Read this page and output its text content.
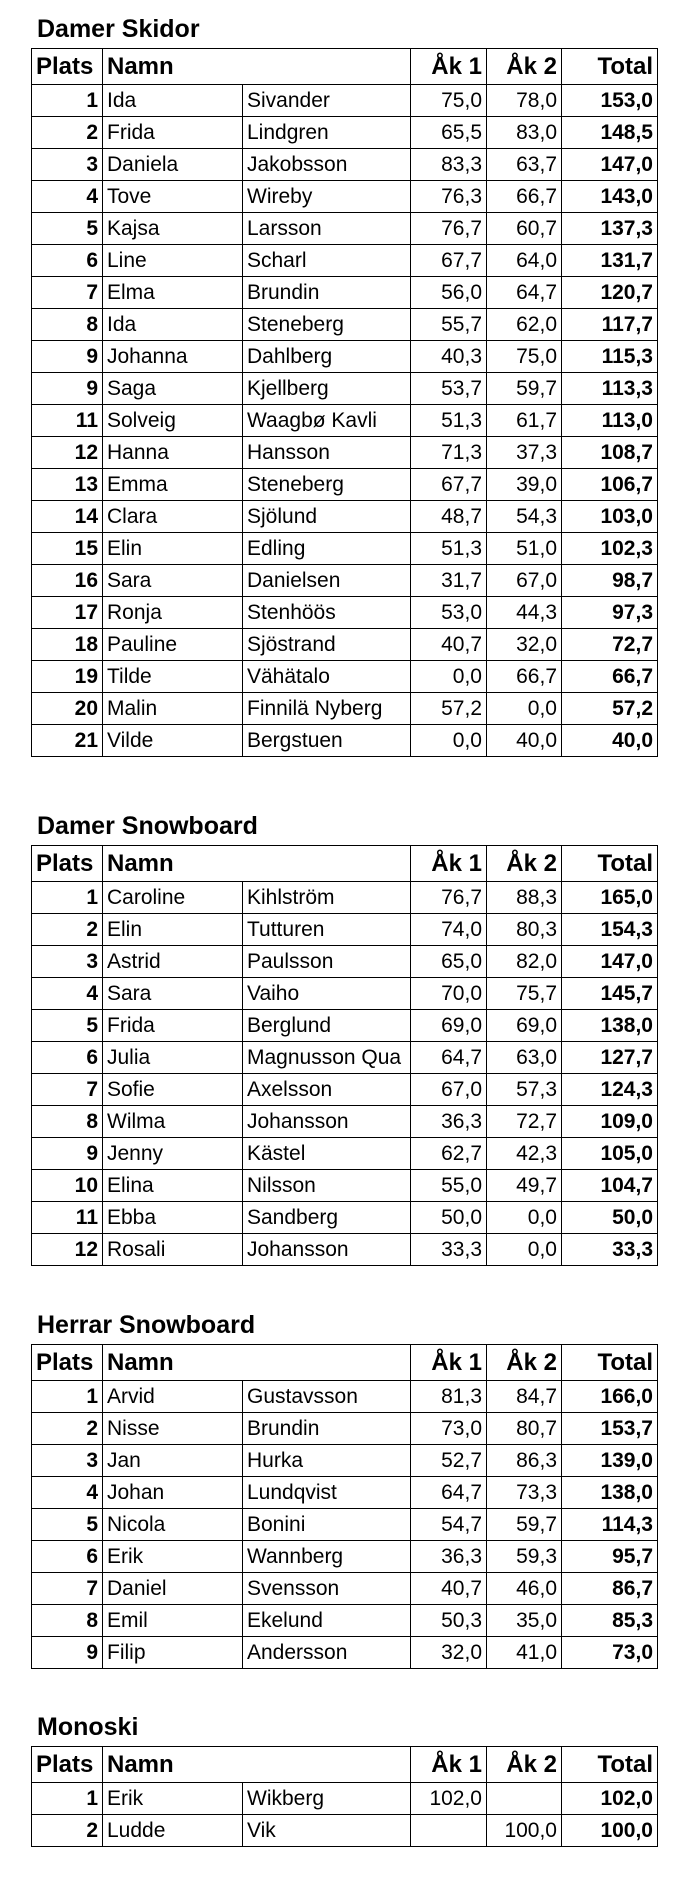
Damer Skidor
Plats	Namn		Åk 1	Åk 2	Total
1	Ida	Sivander	75,0	78,0	153,0
2	Frida	Lindgren	65,5	83,0	148,5
3	Daniela	Jakobsson	83,3	63,7	147,0
4	Tove	Wireby	76,3	66,7	143,0
5	Kajsa	Larsson	76,7	60,7	137,3
6	Line	Scharl	67,7	64,0	131,7
7	Elma	Brundin	56,0	64,7	120,7
8	Ida	Steneberg	55,7	62,0	117,7
9	Johanna	Dahlberg	40,3	75,0	115,3
9	Saga	Kjellberg	53,7	59,7	113,3
11	Solveig	Waagbø Kavli	51,3	61,7	113,0
12	Hanna	Hansson	71,3	37,3	108,7
13	Emma	Steneberg	67,7	39,0	106,7
14	Clara	Sjölund	48,7	54,3	103,0
15	Elin	Edling	51,3	51,0	102,3
16	Sara	Danielsen	31,7	67,0	98,7
17	Ronja	Stenhöös	53,0	44,3	97,3
18	Pauline	Sjöstrand	40,7	32,0	72,7
19	Tilde	Vähätalo	0,0	66,7	66,7
20	Malin	Finnilä Nyberg	57,2	0,0	57,2
21	Vilde	Bergstuen	0,0	40,0	40,0
Damer Snowboard
Plats	Namn		Åk 1	Åk 2	Total
1	Caroline	Kihlström	76,7	88,3	165,0
2	Elin	Tutturen	74,0	80,3	154,3
3	Astrid	Paulsson	65,0	82,0	147,0
4	Sara	Vaiho	70,0	75,7	145,7
5	Frida	Berglund	69,0	69,0	138,0
6	Julia	Magnusson Qua	64,7	63,0	127,7
7	Sofie	Axelsson	67,0	57,3	124,3
8	Wilma	Johansson	36,3	72,7	109,0
9	Jenny	Kästel	62,7	42,3	105,0
10	Elina	Nilsson	55,0	49,7	104,7
11	Ebba	Sandberg	50,0	0,0	50,0
12	Rosali	Johansson	33,3	0,0	33,3
Herrar Snowboard
Plats	Namn		Åk 1	Åk 2	Total
1	Arvid	Gustavsson	81,3	84,7	166,0
2	Nisse	Brundin	73,0	80,7	153,7
3	Jan	Hurka	52,7	86,3	139,0
4	Johan	Lundqvist	64,7	73,3	138,0
5	Nicola	Bonini	54,7	59,7	114,3
6	Erik	Wannberg	36,3	59,3	95,7
7	Daniel	Svensson	40,7	46,0	86,7
8	Emil	Ekelund	50,3	35,0	85,3
9	Filip	Andersson	32,0	41,0	73,0
Monoski
Plats	Namn		Åk 1	Åk 2	Total
1	Erik	Wikberg	102,0		102,0
2	Ludde	Vik		100,0	100,0
